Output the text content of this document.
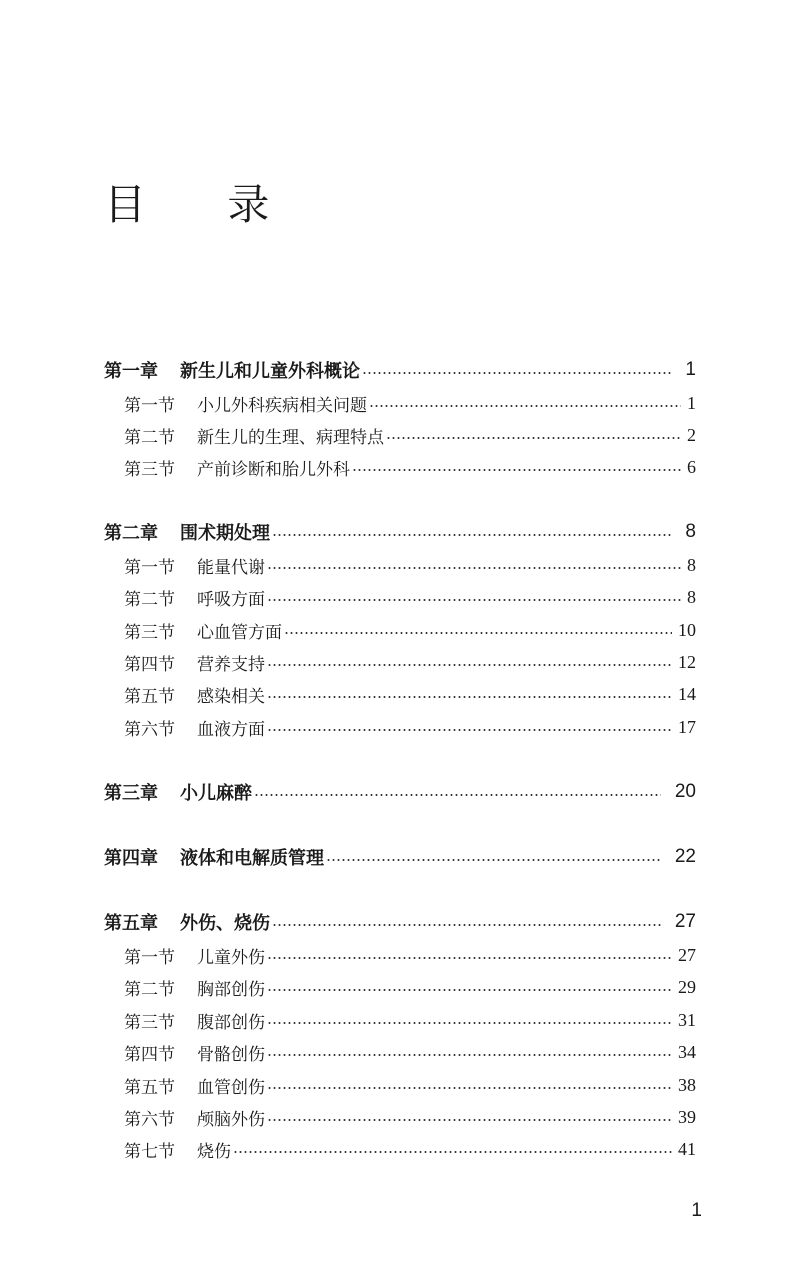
目 录
第一章	新生儿和儿童外科概论	1
第一节	小儿外科疾病相关问题	1
第二节	新生儿的生理、病理特点	2
第三节	产前诊断和胎儿外科	6
第二章	围术期处理	8
第一节	能量代谢	8
第二节	呼吸方面	8
第三节	心血管方面	10
第四节	营养支持	12
第五节	感染相关	14
第六节	血液方面	17
第三章	小儿麻醉	20
第四章	液体和电解质管理	22
第五章	外伤、烧伤	27
第一节	儿童外伤	27
第二节	胸部创伤	29
第三节	腹部创伤	31
第四节	骨骼创伤	34
第五节	血管创伤	38
第六节	颅脑外伤	39
第七节	烧伤	41
1
